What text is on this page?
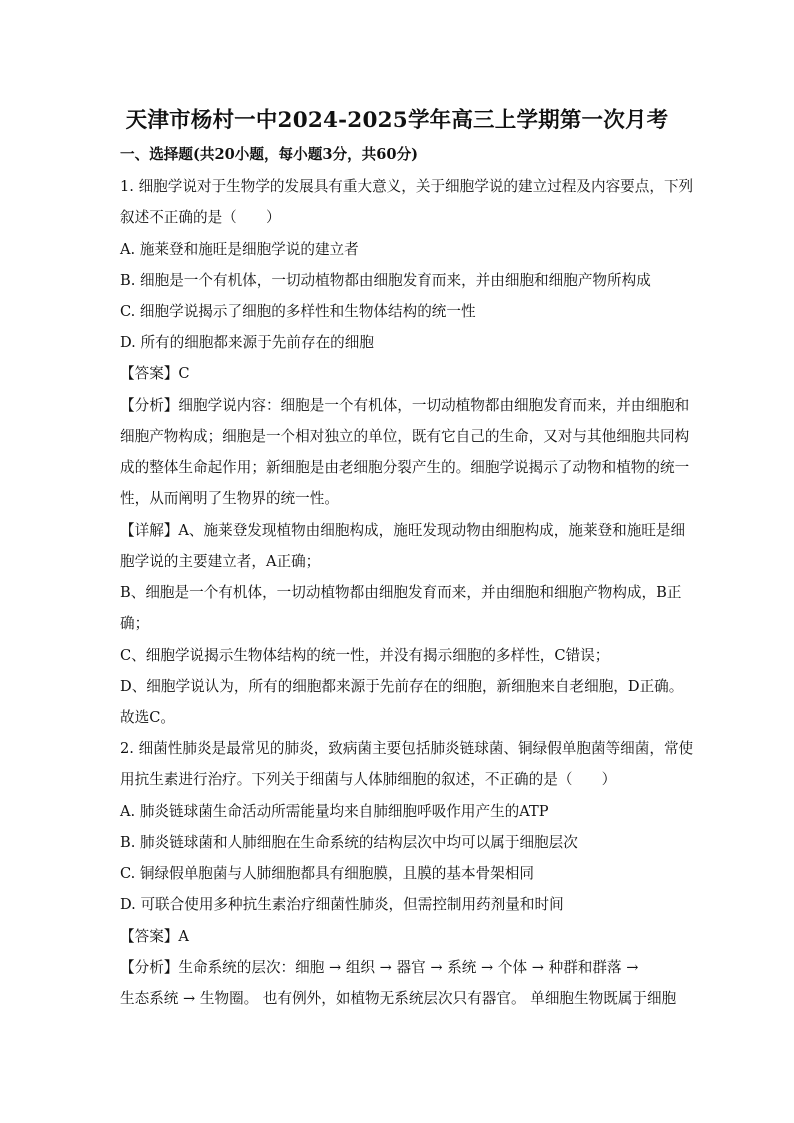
天津市杨村一中2024-2025学年高三上学期第一次月考
一、选择题(共20小题，每小题3分，共60分)
1. 细胞学说对于生物学的发展具有重大意义，关于细胞学说的建立过程及内容要点，下列
叙述不正确的是（　　）
A. 施莱登和施旺是细胞学说的建立者
B. 细胞是一个有机体，一切动植物都由细胞发育而来，并由细胞和细胞产物所构成
C. 细胞学说揭示了细胞的多样性和生物体结构的统一性
D. 所有的细胞都来源于先前存在的细胞
【答案】C
【分析】细胞学说内容：细胞是一个有机体，一切动植物都由细胞发育而来，并由细胞和
细胞产物构成；细胞是一个相对独立的单位，既有它自己的生命，又对与其他细胞共同构
成的整体生命起作用；新细胞是由老细胞分裂产生的。细胞学说揭示了动物和植物的统一
性，从而阐明了生物界的统一性。
【详解】A、施莱登发现植物由细胞构成，施旺发现动物由细胞构成，施莱登和施旺是细
胞学说的主要建立者，A正确；
B、细胞是一个有机体，一切动植物都由细胞发育而来，并由细胞和细胞产物构成，B正
确；
C、细胞学说揭示生物体结构的统一性，并没有揭示细胞的多样性，C错误；
D、细胞学说认为，所有的细胞都来源于先前存在的细胞，新细胞来自老细胞，D正确。
故选C。
2. 细菌性肺炎是最常见的肺炎，致病菌主要包括肺炎链球菌、铜绿假单胞菌等细菌，常使
用抗生素进行治疗。下列关于细菌与人体肺细胞的叙述，不正确的是（　　）
A. 肺炎链球菌生命活动所需能量均来自肺细胞呼吸作用产生的ATP
B. 肺炎链球菌和人肺细胞在生命系统的结构层次中均可以属于细胞层次
C. 铜绿假单胞菌与人肺细胞都具有细胞膜，且膜的基本骨架相同
D. 可联合使用多种抗生素治疗细菌性肺炎，但需控制用药剂量和时间
【答案】A
【分析】生命系统的层次：细胞 → 组织 → 器官 → 系统 → 个体 → 种群和群落 →
生态系统 → 生物圈。 也有例外，如植物无系统层次只有器官。 单细胞生物既属于细胞
